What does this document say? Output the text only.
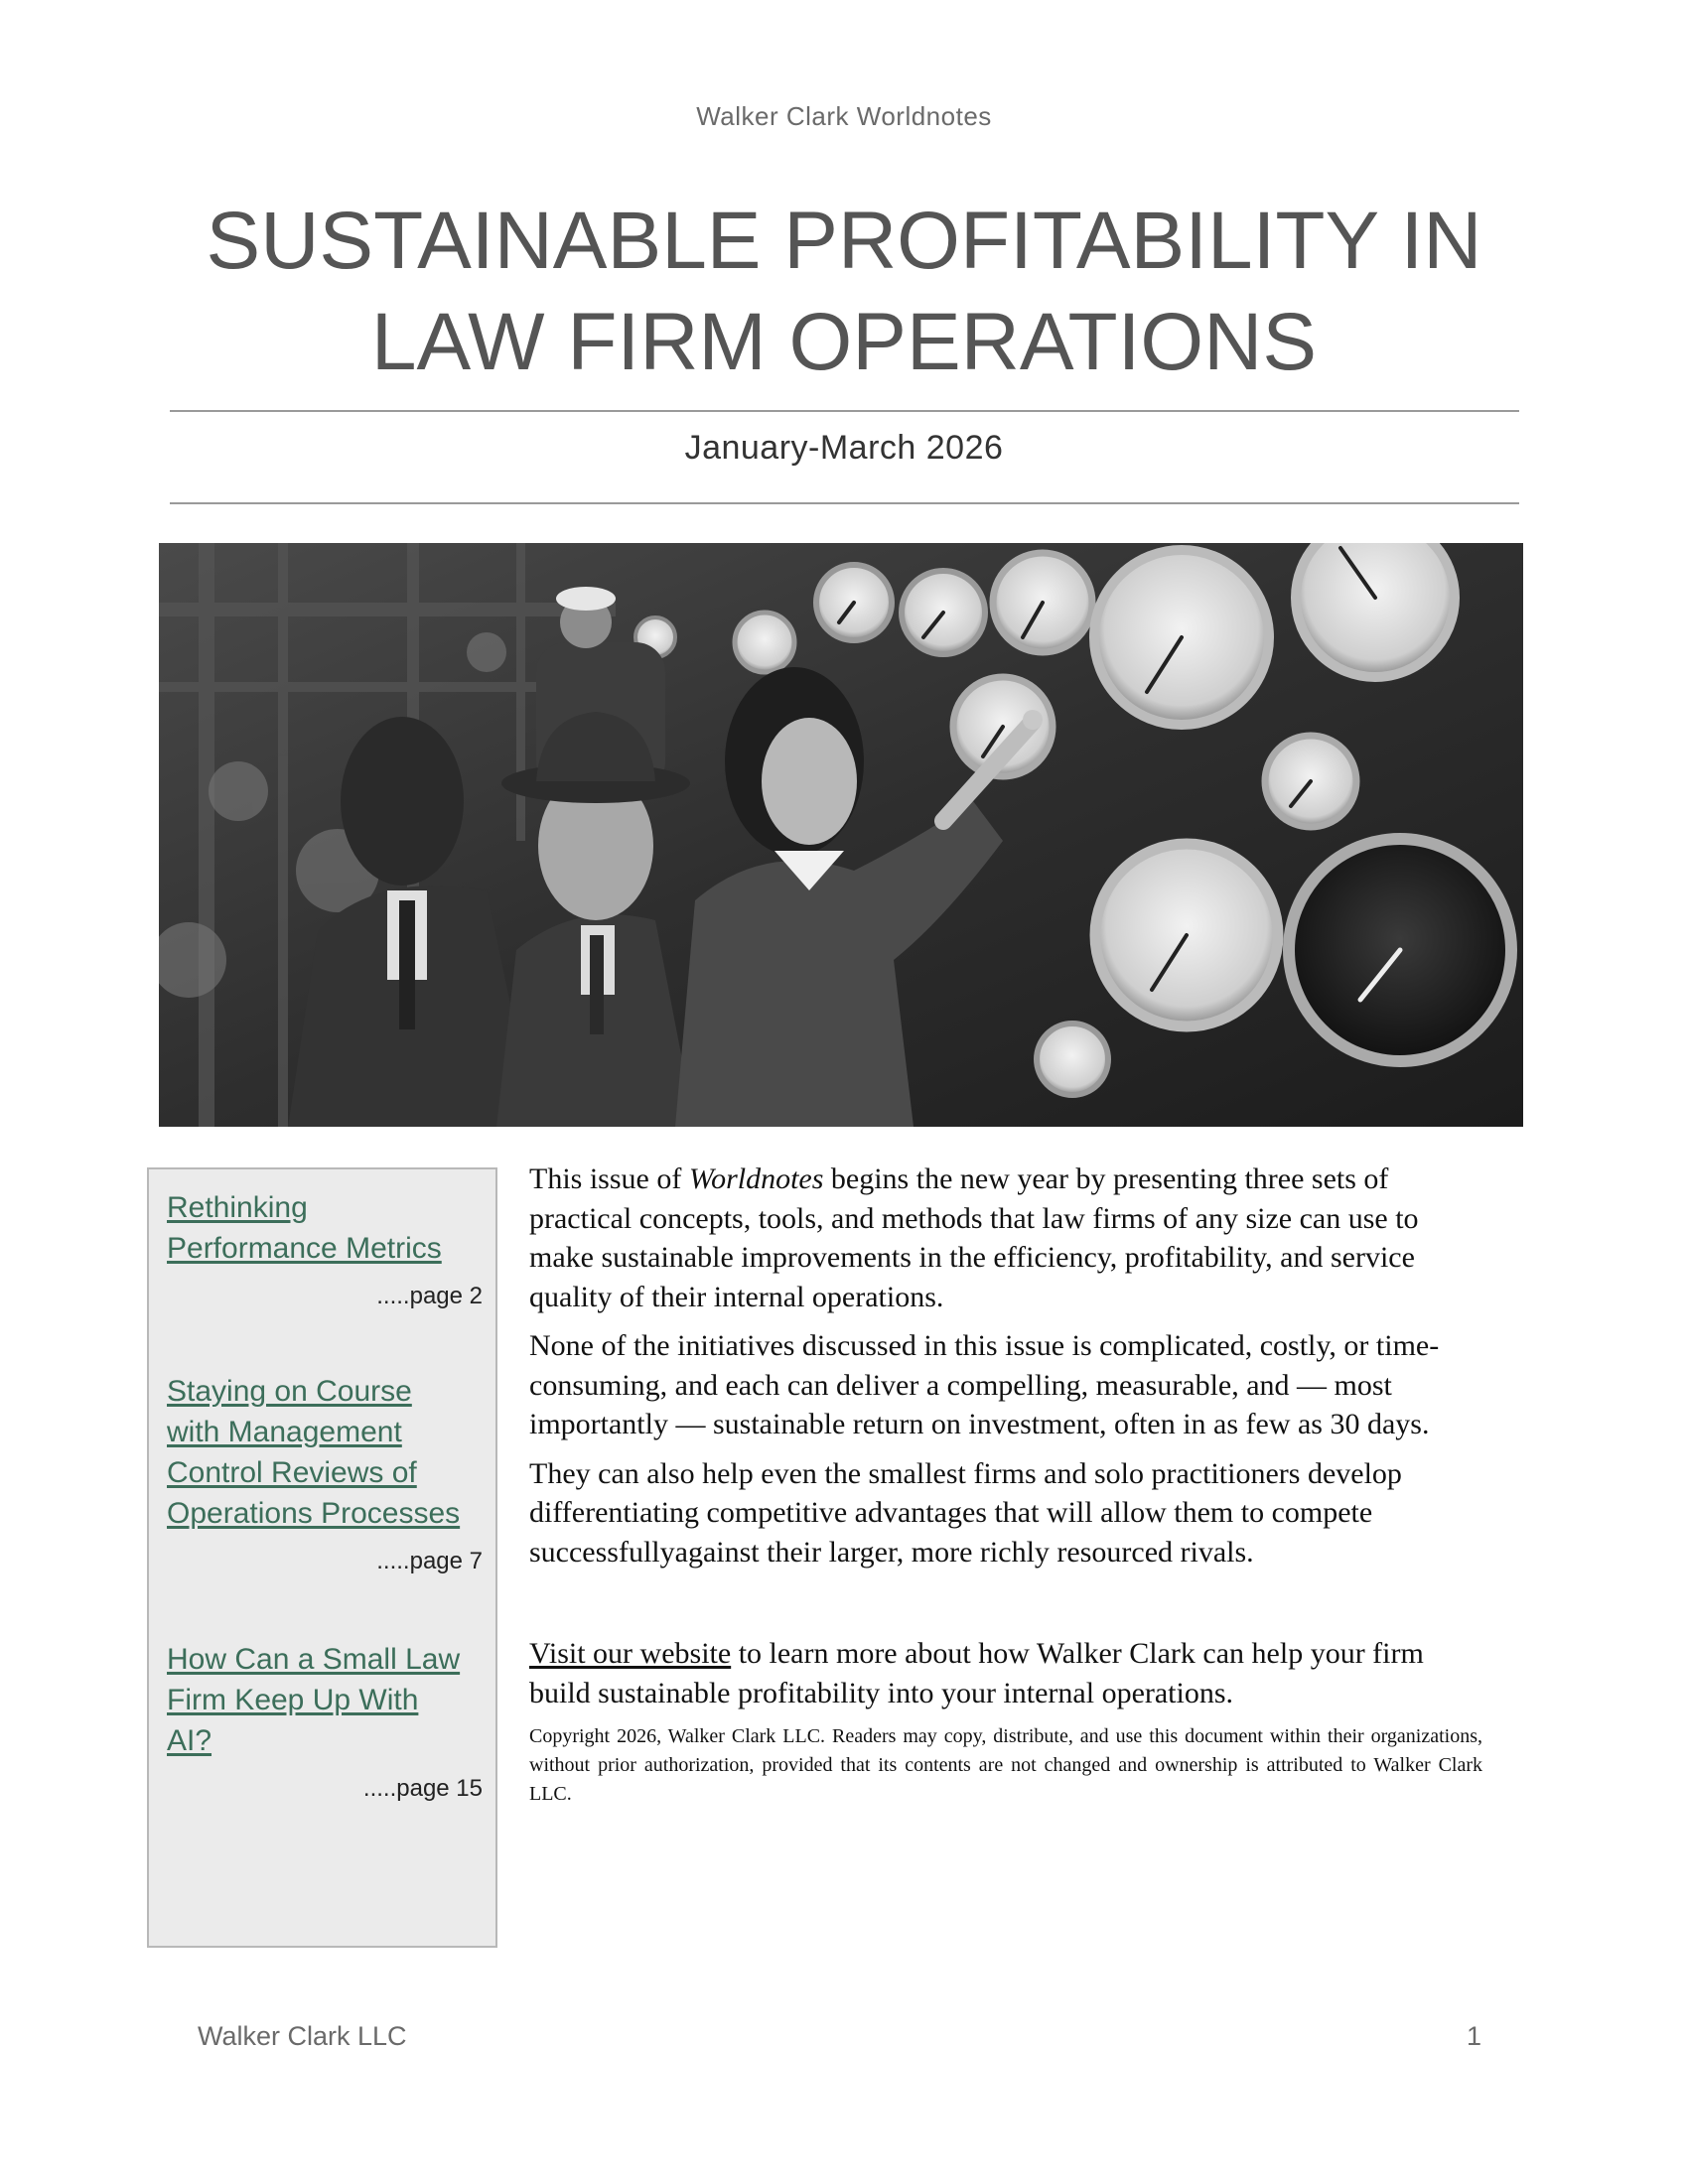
Walker Clark Worldnotes
SUSTAINABLE PROFITABILITY IN
LAW FIRM OPERATIONS
January-March 2026
Rethinking
Performance Metrics
.....page 2
Staying on Course
with Management
Control Reviews of
Operations Processes
.....page 7
How Can a Small Law
Firm Keep Up With
AI?
.....page 15

This issue of Worldnotes begins the new year by presenting three sets of practical concepts, tools, and methods that law firms of any size can use to make sustainable improvements in the efficiency, profitability, and service quality of their internal operations.

None of the initiatives discussed in this issue is complicated, costly, or time-consuming, and each can deliver a compelling, measurable, and — most importantly — sustainable return on investment, often in as few as 30 days.

They can also help even the smallest firms and solo practitioners develop differentiating competitive advantages that will allow them to compete successfullyagainst their larger, more richly resourced rivals.

Visit our website to learn more about how Walker Clark can help your firm build sustainable profitability into your internal operations.

Copyright 2026, Walker Clark LLC. Readers may copy, distribute, and use this document within their organizations, without prior authorization, provided that its contents are not changed and ownership is attributed to Walker Clark LLC.
Walker Clark LLC	1
